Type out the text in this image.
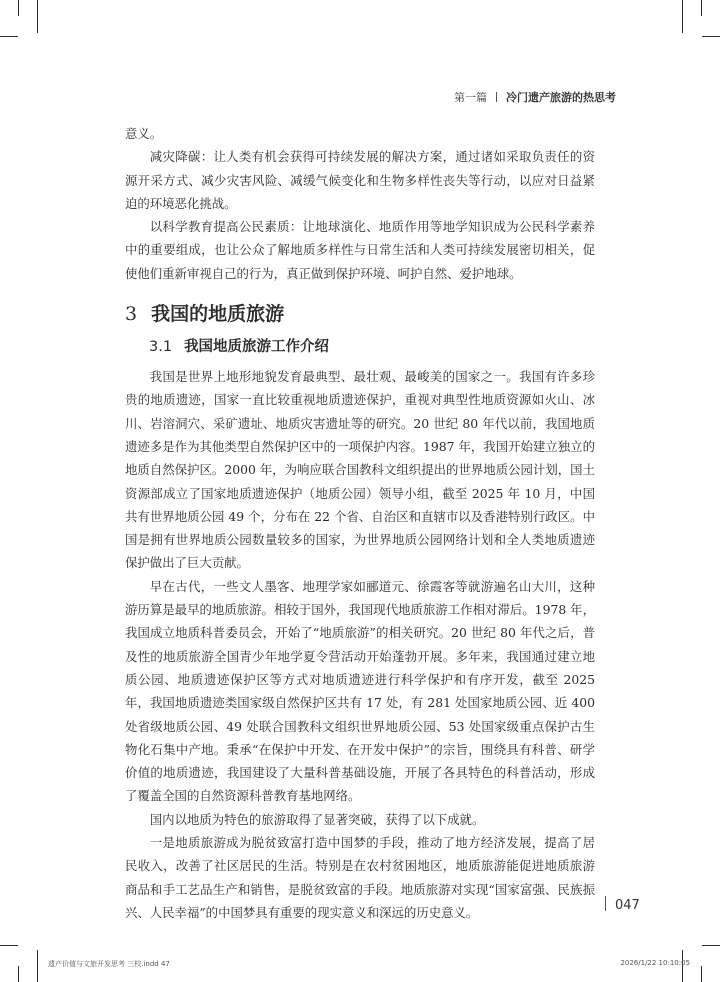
第一篇 冷门遗产旅游的热思考

意义。

减灾降碳：让人类有机会获得可持续发展的解决方案，通过诸如采取负责任的资源开采方式、减少灾害风险、减缓气候变化和生物多样性丧失等行动，以应对日益紧迫的环境恶化挑战。

以科学教育提高公民素质：让地球演化、地质作用等地学知识成为公民科学素养中的重要组成，也让公众了解地质多样性与日常生活和人类可持续发展密切相关，促使他们重新审视自己的行为，真正做到保护环境、呵护自然、爱护地球。

3 我国的地质旅游
3.1 我国地质旅游工作介绍

我国是世界上地形地貌发育最典型、最壮观、最峻美的国家之一。我国有许多珍贵的地质遗迹，国家一直比较重视地质遗迹保护，重视对典型性地质资源如火山、冰川、岩溶洞穴、采矿遗址、地质灾害遗址等的研究。20 世纪 80 年代以前，我国地质遗迹多是作为其他类型自然保护区中的一项保护内容。1987 年，我国开始建立独立的地质自然保护区。2000 年，为响应联合国教科文组织提出的世界地质公园计划，国土资源部成立了国家地质遗迹保护（地质公园）领导小组，截至 2025 年 10 月，中国共有世界地质公园 49 个，分布在 22 个省、自治区和直辖市以及香港特别行政区。中国是拥有世界地质公园数量较多的国家，为世界地质公园网络计划和全人类地质遗迹保护做出了巨大贡献。

早在古代，一些文人墨客、地理学家如郦道元、徐霞客等就游遍名山大川，这种游历算是最早的地质旅游。相较于国外，我国现代地质旅游工作相对滞后。1978 年，我国成立地质科普委员会，开始了“地质旅游”的相关研究。20 世纪 80 年代之后，普及性的地质旅游全国青少年地学夏令营活动开始蓬勃开展。多年来，我国通过建立地质公园、地质遗迹保护区等方式对地质遗迹进行科学保护和有序开发，截至 2025 年，我国地质遗迹类国家级自然保护区共有 17 处，有 281 处国家地质公园、近 400 处省级地质公园、49 处联合国教科文组织世界地质公园、53 处国家级重点保护古生物化石集中产地。秉承“在保护中开发、在开发中保护”的宗旨，围绕具有科普、研学价值的地质遗迹，我国建设了大量科普基础设施，开展了各具特色的科普活动，形成了覆盖全国的自然资源科普教育基地网络。

国内以地质为特色的旅游取得了显著突破，获得了以下成就。

一是地质旅游成为脱贫致富打造中国梦的手段，推动了地方经济发展，提高了居民收入，改善了社区居民的生活。特别是在农村贫困地区，地质旅游能促进地质旅游商品和手工艺品生产和销售，是脱贫致富的手段。地质旅游对实现“国家富强、民族振兴、人民幸福”的中国梦具有重要的现实意义和深远的历史意义。	047
遗产价值与文旅开发思考 三校.indd 47	2026/1/22 10:10:05
